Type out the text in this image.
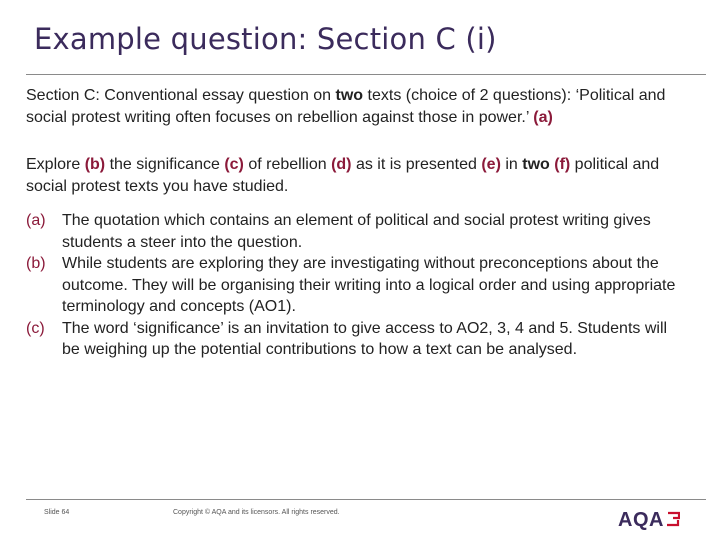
Example question: Section C (i)

Section C: Conventional essay question on two texts (choice of 2 questions): ‘Political and social protest writing often focuses on rebellion against those in power.’ (a)

Explore (b) the significance (c) of rebellion (d) as it is presented (e) in two (f) political and social protest texts you have studied.

(a)	The quotation which contains an element of political and social protest writing gives students a steer into the question.
(b)	While students are exploring they are investigating without preconceptions about the outcome. They will be organising their writing into a logical order and using appropriate terminology and concepts (AO1).
(c)	The word ‘significance’ is an invitation to give access to AO2, 3, 4 and 5. Students will be weighing up the potential contributions to how a text can be analysed.
Slide 64	Copyright © AQA and its licensors. All rights reserved.	AQA
